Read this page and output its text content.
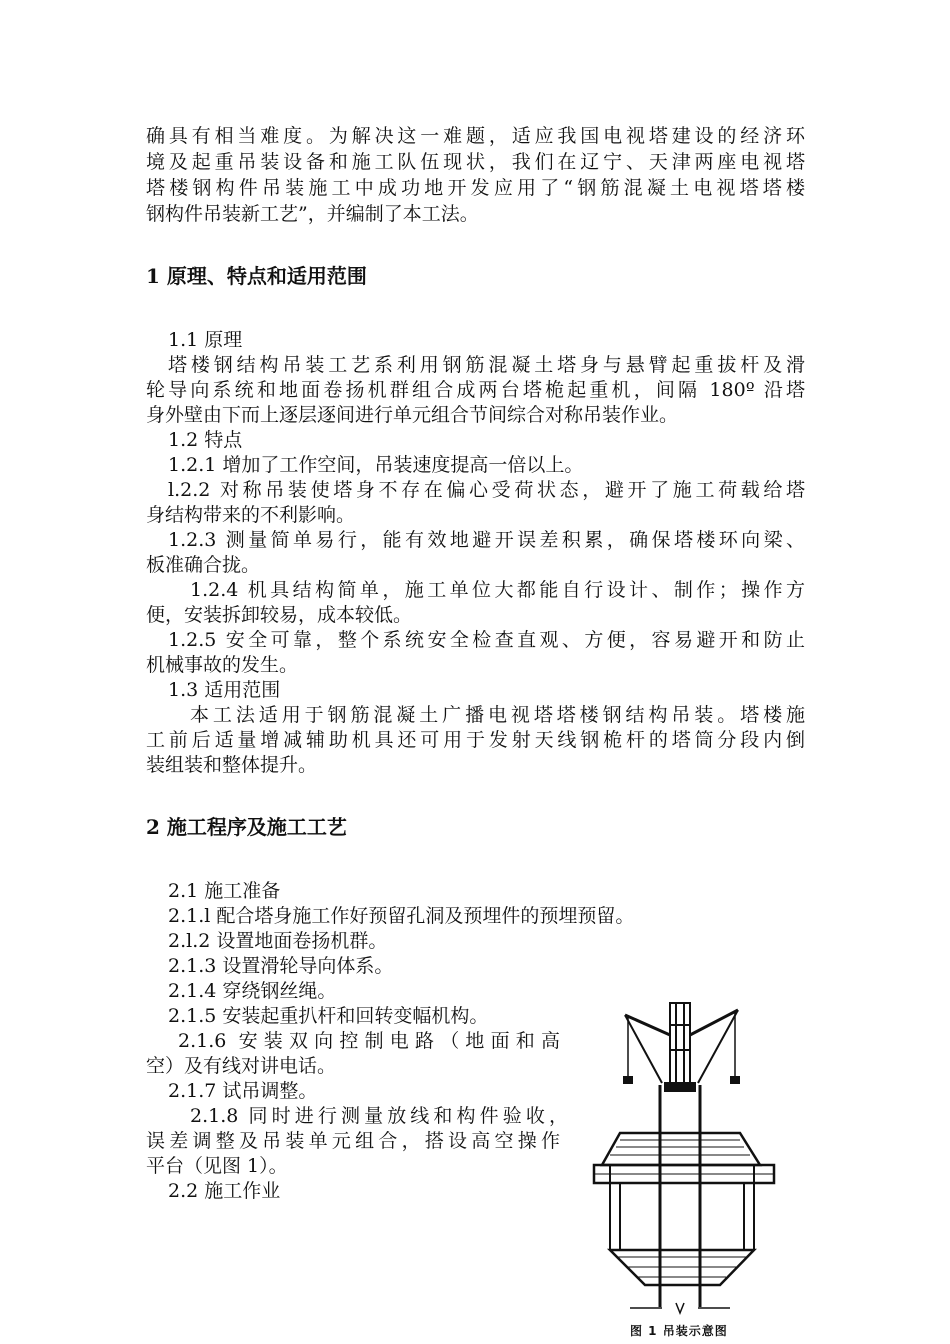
确具有相当难度。为解决这一难题，适应我国电视塔建设的经济环
境及起重吊装设备和施工队伍现状，我们在辽宁、天津两座电视塔
塔楼钢构件吊装施工中成功地开发应用了“钢筋混凝土电视塔塔楼
钢构件吊装新工艺”，并编制了本工法。
1 原理、特点和适用范围
1.1 原理
塔楼钢结构吊装工艺系利用钢筋混凝土塔身与悬臂起重拔杆及滑
轮导向系统和地面卷扬机群组合成两台塔桅起重机，间隔 180º 沿塔
身外壁由下而上逐层逐间进行单元组合节间综合对称吊装作业。
1.2 特点
1.2.1 增加了工作空间，吊装速度提高一倍以上。
l.2.2 对称吊装使塔身不存在偏心受荷状态，避开了施工荷载给塔
身结构带来的不利影响。
1.2.3 测量简单易行，能有效地避开误差积累，确保塔楼环向梁、
板准确合拢。
1.2.4 机具结构简单，施工单位大都能自行设计、制作；操作方
便，安装拆卸较易，成本较低。
1.2.5 安全可靠，整个系统安全检查直观、方便，容易避开和防止
机械事故的发生。
1.3 适用范围
本工法适用于钢筋混凝土广播电视塔塔楼钢结构吊装。塔楼施
工前后适量增减辅助机具还可用于发射天线钢桅杆的塔筒分段内倒
装组装和整体提升。
2 施工程序及施工工艺
2.1 施工准备
2.1.l 配合塔身施工作好预留孔洞及预埋件的预埋预留。
2.l.2 设置地面卷扬机群。
2.1.3 设置滑轮导向体系。
2.1.4 穿绕钢丝绳。
2.1.5 安装起重扒杆和回转变幅机构。
2.1.6 安装双向控制电路（地面和高
空）及有线对讲电话。
2.1.7 试吊调整。
2.1.8 同时进行测量放线和构件验收，
误差调整及吊装单元组合，搭设高空操作
平台（见图 1）。
2.2 施工作业
图 1 吊装示意图
